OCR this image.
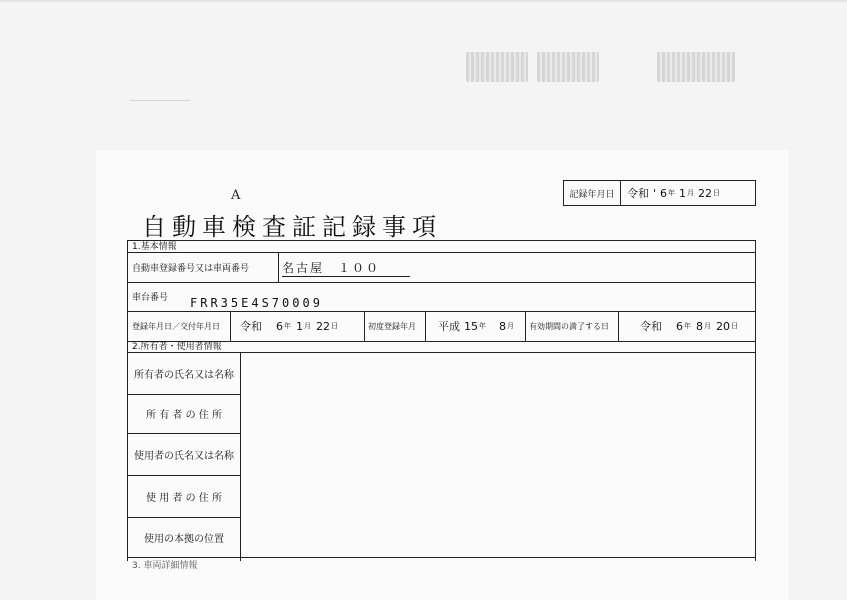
A
自動車検査証記録事項
記録年月日	令和 ' 6 年 1 月 22 日
1.基本情報
自動車登録番号又は車両番号	名古屋　１００
車台番号	FRR35E4S70009
登録年月日／交付年月日	令和 6 年 1 月 22 日	初度登録年月	平成 15 年 8 月 有効期間の満了する日	令和 6 年 8 月 20 日
2.所有者・使用者情報
所有者の氏名又は名称
所 有 者 の 住 所
使用者の氏名又は名称
使 用 者 の 住 所
使用の本拠の位置
3. 車両詳細情報
